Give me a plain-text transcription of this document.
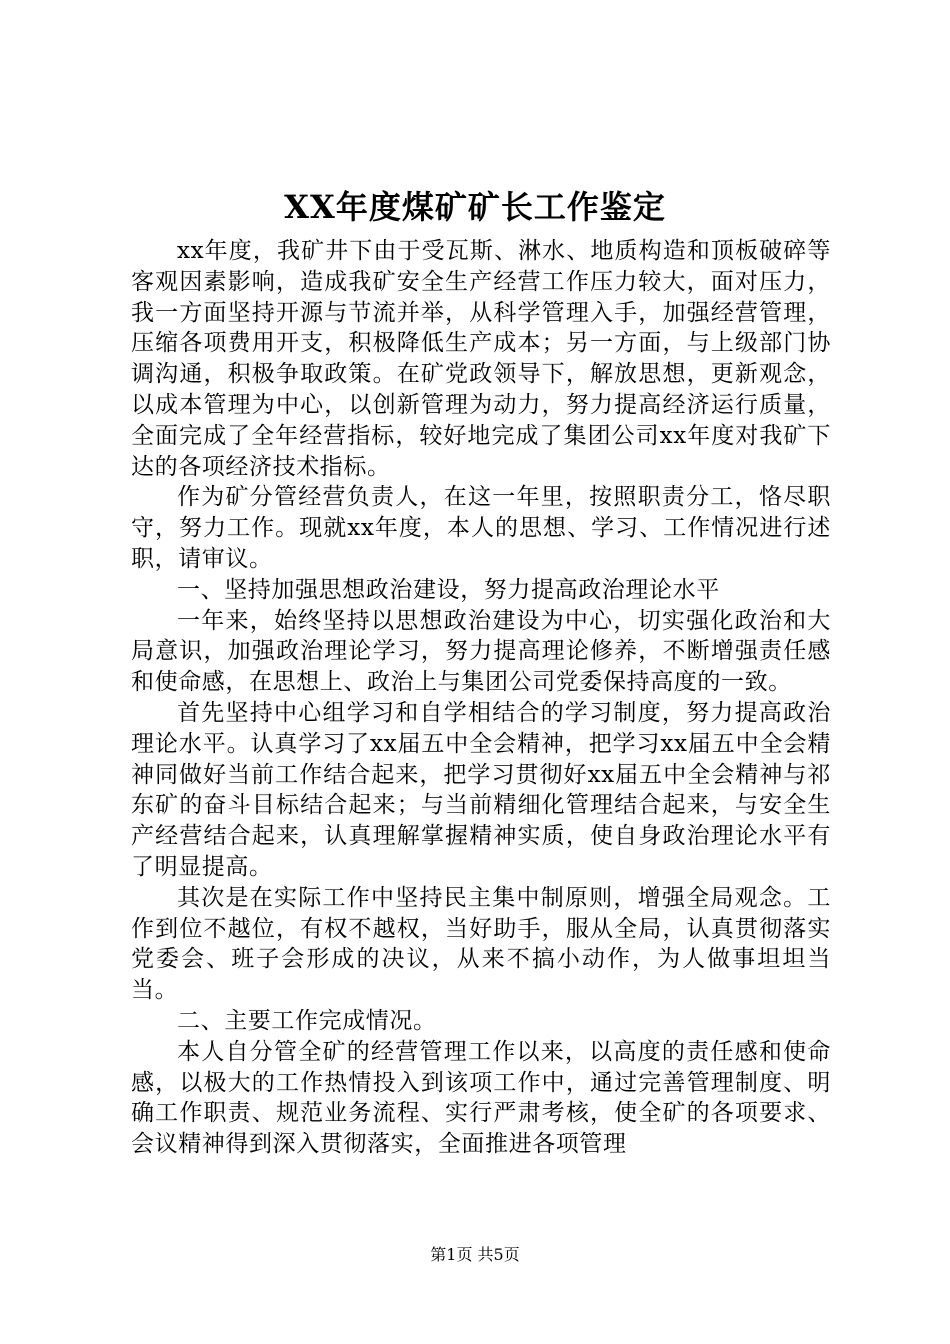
XX年度煤矿矿长工作鉴定

xx年度，我矿井下由于受瓦斯、淋水、地质构造和顶板破碎等客观因素影响，造成我矿安全生产经营工作压力较大，面对压力，我一方面坚持开源与节流并举，从科学管理入手，加强经营管理，压缩各项费用开支，积极降低生产成本；另一方面，与上级部门协调沟通，积极争取政策。在矿党政领导下，解放思想，更新观念，以成本管理为中心，以创新管理为动力，努力提高经济运行质量，全面完成了全年经营指标，较好地完成了集团公司xx年度对我矿下达的各项经济技术指标。

作为矿分管经营负责人，在这一年里，按照职责分工，恪尽职守，努力工作。现就xx年度，本人的思想、学习、工作情况进行述职，请审议。

一、坚持加强思想政治建设，努力提高政治理论水平

一年来，始终坚持以思想政治建设为中心，切实强化政治和大局意识，加强政治理论学习，努力提高理论修养，不断增强责任感和使命感，在思想上、政治上与集团公司党委保持高度的一致。

首先坚持中心组学习和自学相结合的学习制度，努力提高政治理论水平。认真学习了xx届五中全会精神，把学习xx届五中全会精神同做好当前工作结合起来，把学习贯彻好xx届五中全会精神与祁东矿的奋斗目标结合起来；与当前精细化管理结合起来，与安全生产经营结合起来，认真理解掌握精神实质，使自身政治理论水平有了明显提高。

其次是在实际工作中坚持民主集中制原则，增强全局观念。工作到位不越位，有权不越权，当好助手，服从全局，认真贯彻落实党委会、班子会形成的决议，从来不搞小动作，为人做事坦坦当当。

二、主要工作完成情况。

本人自分管全矿的经营管理工作以来，以高度的责任感和使命感，以极大的工作热情投入到该项工作中，通过完善管理制度、明确工作职责、规范业务流程、实行严肃考核，使全矿的各项要求、会议精神得到深入贯彻落实，全面推进各项管理

第1页 共5页
